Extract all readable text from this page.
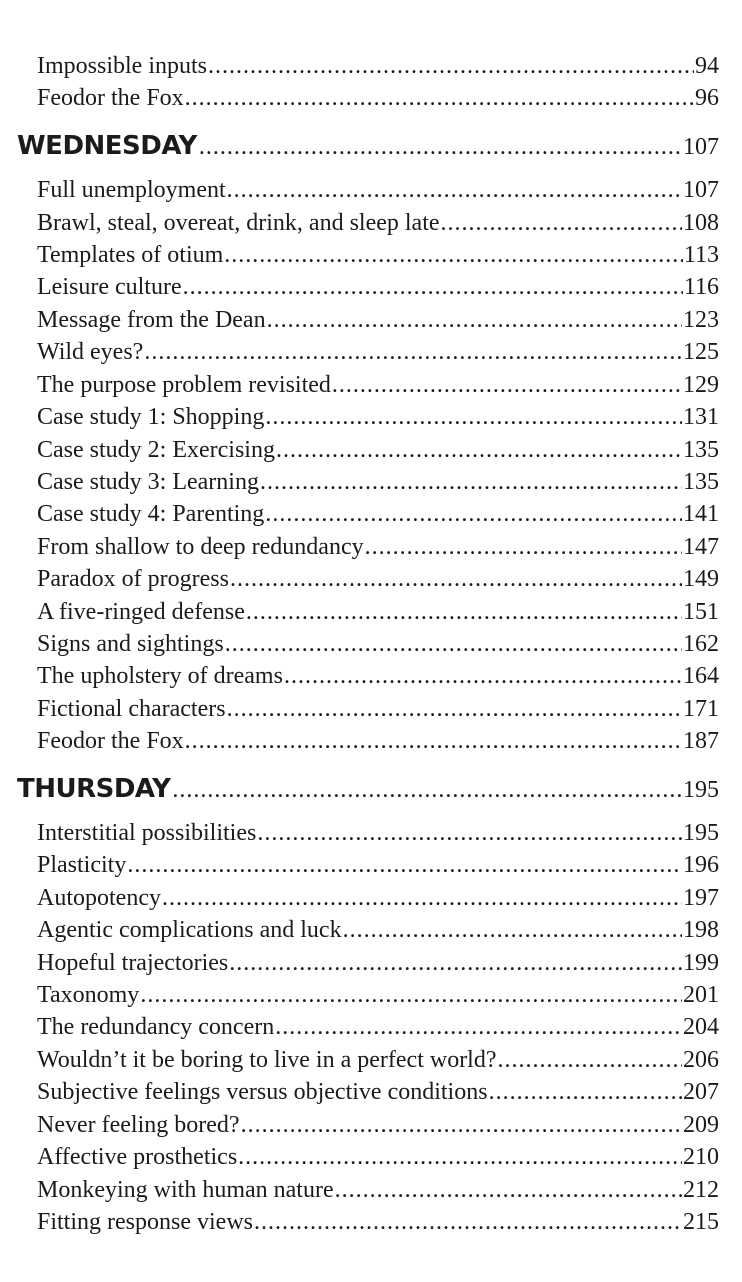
Impossible inputs .....	94
Feodor the Fox .....	96
WEDNESDAY .....	107
Full unemployment .....	107
Brawl, steal, overeat, drink, and sleep late .....	108
Templates of otium .....	113
Leisure culture .....	116
Message from the Dean .....	123
Wild eyes? .....	125
The purpose problem revisited .....	129
Case study 1: Shopping .....	131
Case study 2: Exercising .....	135
Case study 3: Learning .....	135
Case study 4: Parenting .....	141
From shallow to deep redundancy .....	147
Paradox of progress .....	149
A five-ringed defense .....	151
Signs and sightings .....	162
The upholstery of dreams .....	164
Fictional characters .....	171
Feodor the Fox .....	187
THURSDAY .....	195
Interstitial possibilities .....	195
Plasticity .....	196
Autopotency .....	197
Agentic complications and luck .....	198
Hopeful trajectories .....	199
Taxonomy .....	201
The redundancy concern .....	204
Wouldn’t it be boring to live in a perfect world? .....	206
Subjective feelings versus objective conditions .....	207
Never feeling bored? .....	209
Affective prosthetics .....	210
Monkeying with human nature .....	212
Fitting response views .....	215
